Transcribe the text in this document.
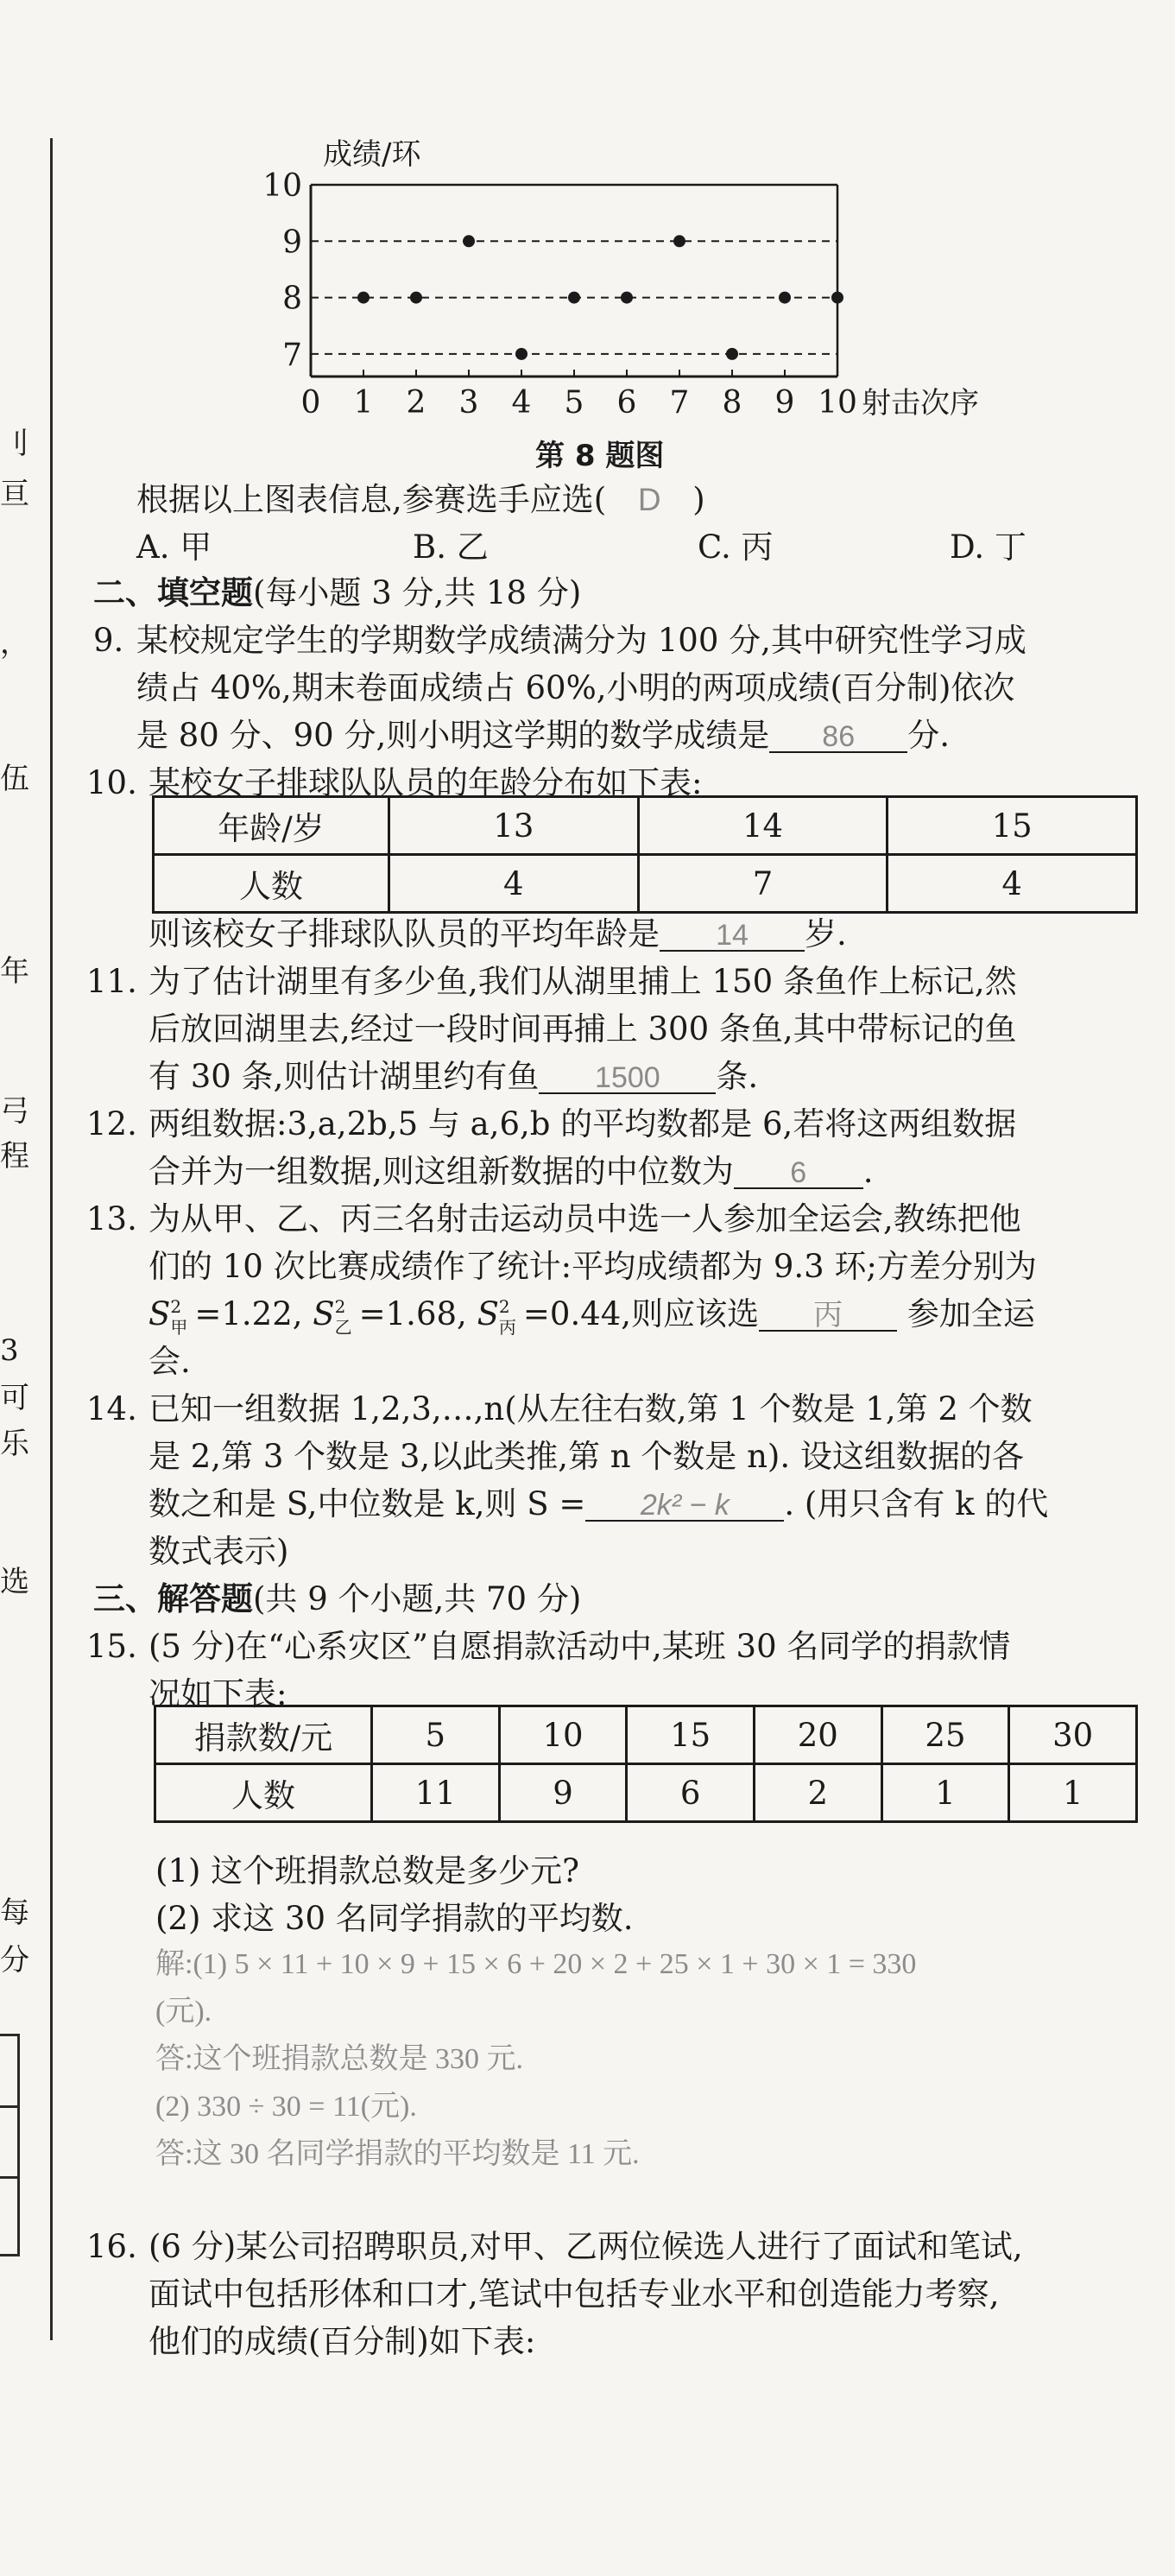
刂
亘
，
伍
年
弓
程
3
可
乐
选
每
分
7
8
9
10
0 1 2 3 4 5 6 7 8 9 10
成绩/环
射击次序
第 8 题图
根据以上图表信息,参赛选手应选( D )
A. 甲	B. 乙	C. 丙	D. 丁
二、填空题(每小题 3 分,共 18 分)
9. 某校规定学生的学期数学成绩满分为 100 分,其中研究性学习成
绩占 40%,期末卷面成绩占 60%,小明的两项成绩(百分制)依次
是 80 分、90 分,则小明这学期的数学成绩是 86 分.
10. 某校女子排球队队员的年龄分布如下表:
年龄/岁	13	14	15
人数	4	7	4
则该校女子排球队队员的平均年龄是 14 岁.
11. 为了估计湖里有多少鱼,我们从湖里捕上 150 条鱼作上标记,然
后放回湖里去,经过一段时间再捕上 300 条鱼,其中带标记的鱼
有 30 条,则估计湖里约有鱼 1500 条.
12. 两组数据:3,a,2b,5 与 a,6,b 的平均数都是 6,若将这两组数据
合并为一组数据,则这组新数据的中位数为 6 .
13. 为从甲、乙、丙三名射击运动员中选一人参加全运会,教练把他
们的 10 次比赛成绩作了统计:平均成绩都为 9.3 环;方差分别为
S 2
甲 =1.22, S 2
乙 =1.68, S 2
丙 =0.44,则应该选 丙 参加全运
会.
14. 已知一组数据 1,2,3,…,n(从左往右数,第 1 个数是 1,第 2 个数
是 2,第 3 个数是 3,以此类推,第 n 个数是 n). 设这组数据的各
数之和是 S,中位数是 k,则 S = 2k² − k . (用只含有 k 的代
数式表示)
三、解答题(共 9 个小题,共 70 分)
15. (5 分)在“心系灾区”自愿捐款活动中,某班 30 名同学的捐款情
况如下表:
捐款数/元	5	10	15	20	25	30
人数	11	9	6	2	1	1
(1) 这个班捐款总数是多少元?
(2) 求这 30 名同学捐款的平均数.
解:(1) 5 × 11 + 10 × 9 + 15 × 6 + 20 × 2 + 25 × 1 + 30 × 1 = 330
(元).
答:这个班捐款总数是 330 元.
(2) 330 ÷ 30 = 11(元).
答:这 30 名同学捐款的平均数是 11 元.
16. (6 分)某公司招聘职员,对甲、乙两位候选人进行了面试和笔试,
面试中包括形体和口才,笔试中包括专业水平和创造能力考察,
他们的成绩(百分制)如下表:
